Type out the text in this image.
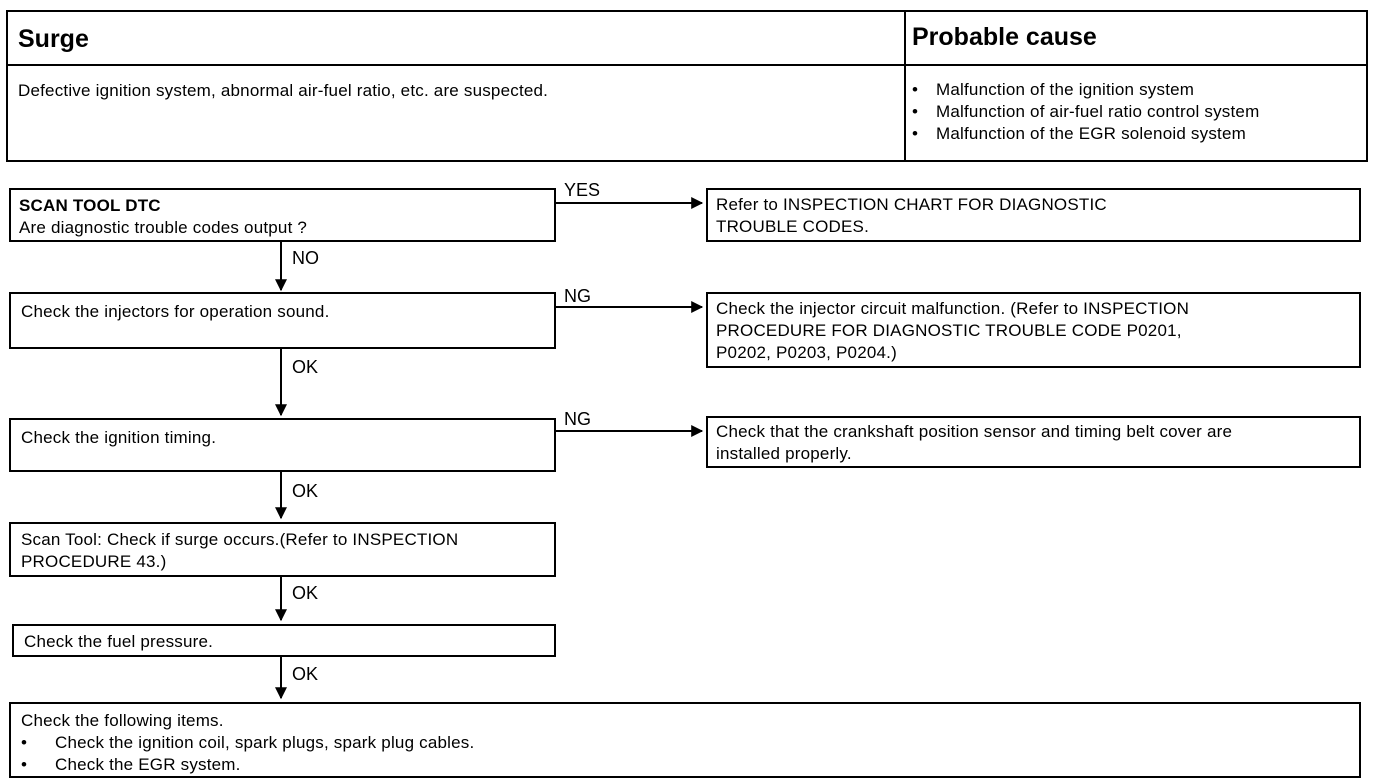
Surge	Probable cause
Defective ignition system, abnormal air-fuel ratio, etc. are suspected.	• Malfunction of the ignition system
• Malfunction of air-fuel ratio control system
• Malfunction of the EGR solenoid system
YES
NO
NG
OK
NG
OK
OK
OK
SCAN TOOL DTC
Are diagnostic trouble codes output ?
Check the injectors for operation sound.
Check the ignition timing.
Scan Tool: Check if surge occurs.(Refer to INSPECTION
PROCEDURE 43.)
Check the fuel pressure.
Check the following items.
• Check the ignition coil, spark plugs, spark plug cables.
• Check the EGR system.
Refer to INSPECTION CHART FOR DIAGNOSTIC
TROUBLE CODES.
Check the injector circuit malfunction. (Refer to INSPECTION
PROCEDURE FOR DIAGNOSTIC TROUBLE CODE P0201,
P0202, P0203, P0204.)
Check that the crankshaft position sensor and timing belt cover are
installed properly.
